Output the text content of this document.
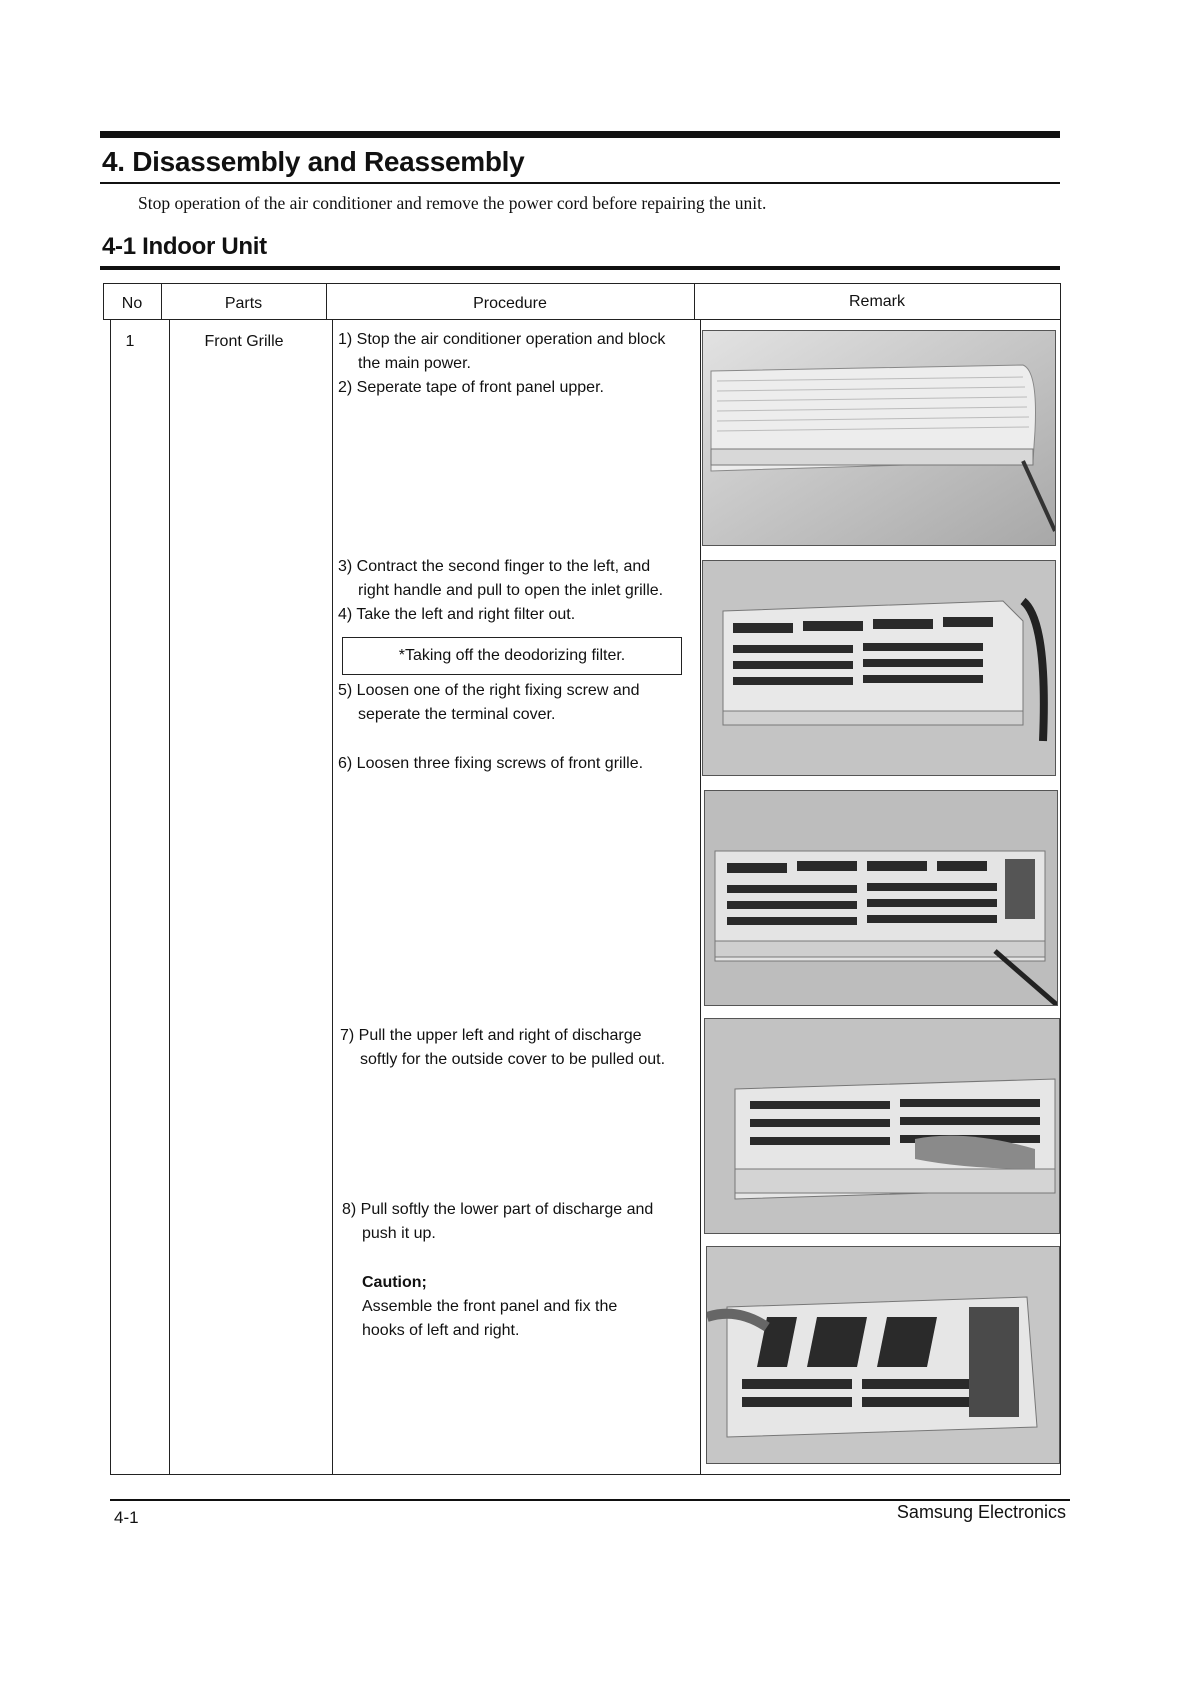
4. Disassembly and Reassembly
Stop operation of the air conditioner and remove the power cord before repairing the unit.
4-1 Indoor Unit
No	Parts	Procedure	Remark
1	Front Grille	1) Stop the air conditioner operation and block the main power.

2) Seperate tape of front panel upper.

3) Contract the second finger to the left, and right handle and pull to open the inlet grille.

4) Take the left and right filter out.

*Taking off the deodorizing filter.

5) Loosen one of the right fixing screw and seperate the terminal cover.

6) Loosen three fixing screws of front grille.

7) Pull the upper left and right of discharge softly for the outside cover to be pulled out.

8) Pull softly the lower part of discharge and push it up.

Caution;
Assemble the front panel and fix the hooks of left and right.
4-1	Samsung Electronics
